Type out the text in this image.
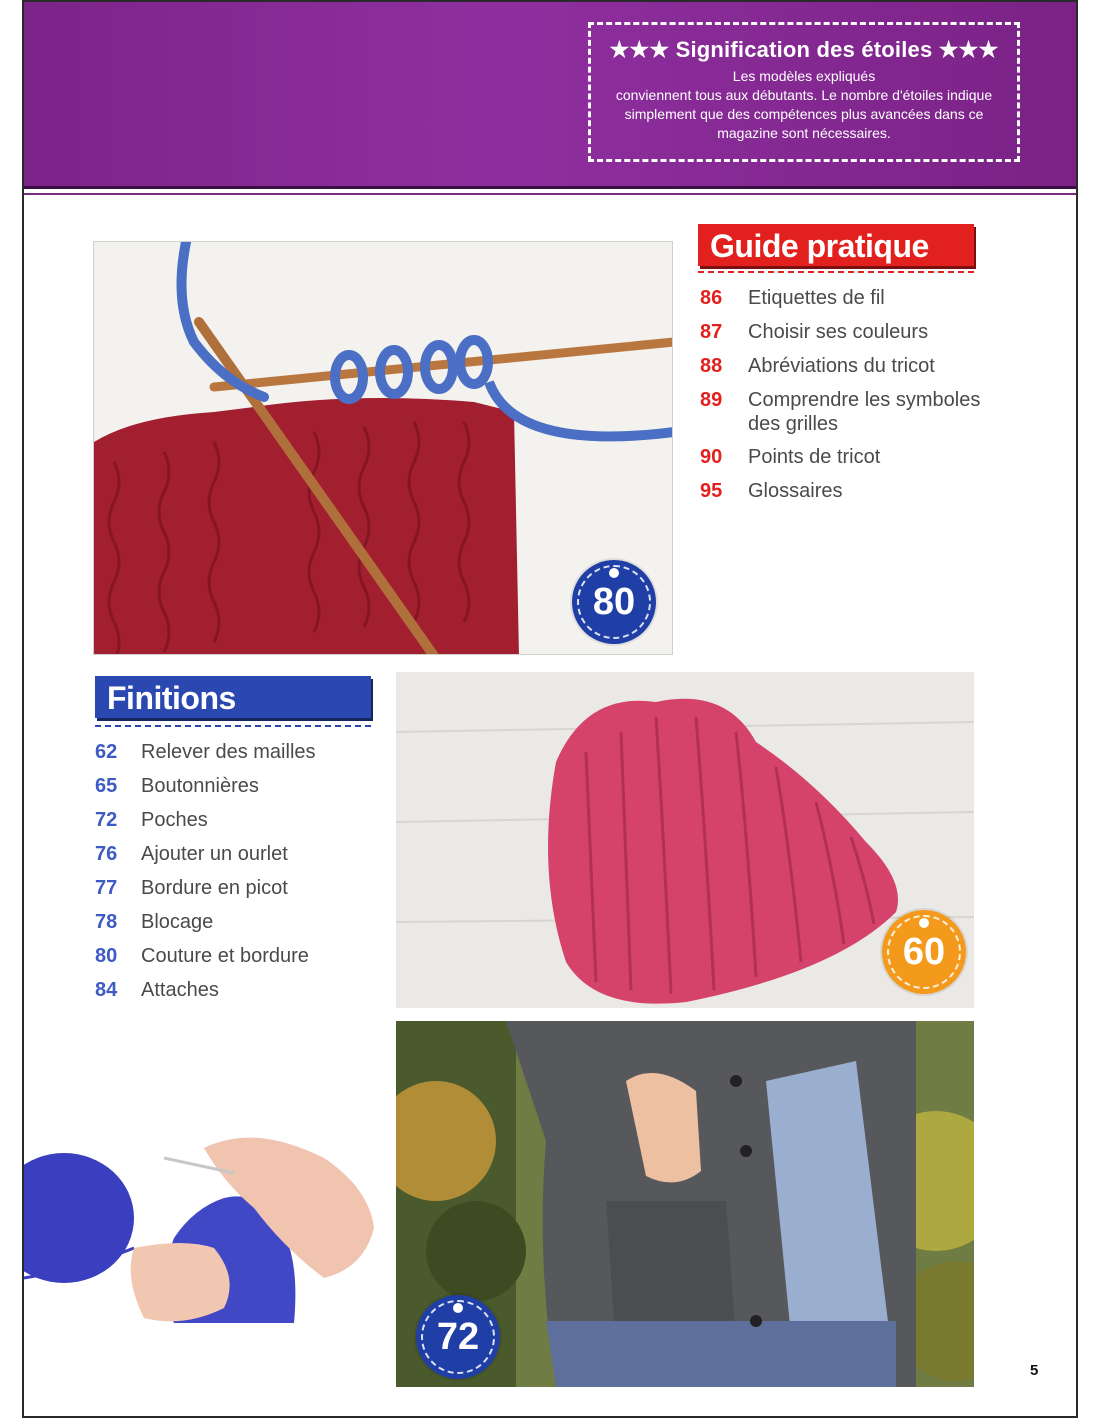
★★★ Signification des étoiles ★★★
Les modèles expliqués
conviennent tous aux débutants. Le nombre d'étoiles indique
simplement que des compétences plus avancées dans ce
magazine sont nécessaires.
80
Guide pratique
86 Etiquettes de fil
87 Choisir ses couleurs
88 Abréviations du tricot
89 Comprendre les symboles
des grilles
90 Points de tricot
95 Glossaires
Finitions
62 Relever des mailles
65 Boutonnières
72 Poches
76 Ajouter un ourlet
77 Bordure en picot
78 Blocage
80 Couture et bordure
84 Attaches
60
72
5
